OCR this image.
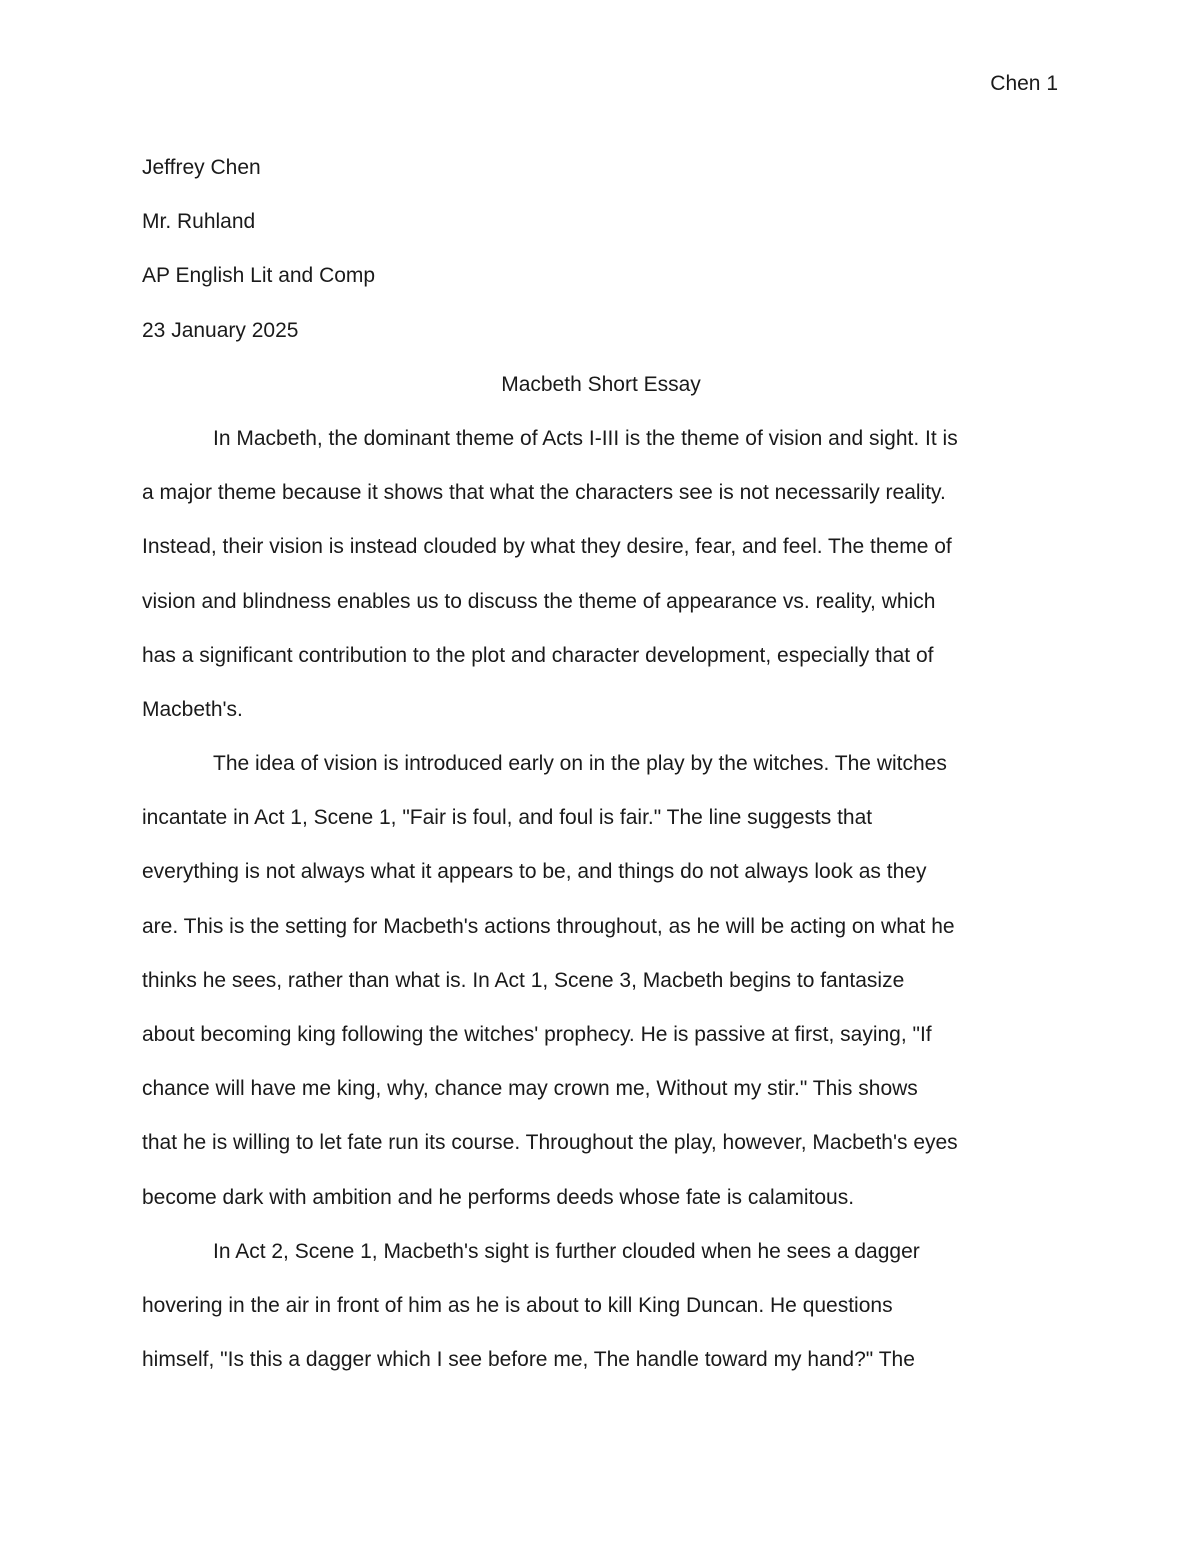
Chen 1
Jeffrey Chen
Mr. Ruhland
AP English Lit and Comp
23 January 2025
Macbeth Short Essay
In Macbeth, the dominant theme of Acts I-III is the theme of vision and sight. It is
a major theme because it shows that what the characters see is not necessarily reality.
Instead, their vision is instead clouded by what they desire, fear, and feel. The theme of
vision and blindness enables us to discuss the theme of appearance vs. reality, which
has a significant contribution to the plot and character development, especially that of
Macbeth's.
The idea of vision is introduced early on in the play by the witches. The witches
incantate in Act 1, Scene 1, "Fair is foul, and foul is fair." The line suggests that
everything is not always what it appears to be, and things do not always look as they
are. This is the setting for Macbeth's actions throughout, as he will be acting on what he
thinks he sees, rather than what is. In Act 1, Scene 3, Macbeth begins to fantasize
about becoming king following the witches' prophecy. He is passive at first, saying, "If
chance will have me king, why, chance may crown me, Without my stir." This shows
that he is willing to let fate run its course. Throughout the play, however, Macbeth's eyes
become dark with ambition and he performs deeds whose fate is calamitous.
In Act 2, Scene 1, Macbeth's sight is further clouded when he sees a dagger
hovering in the air in front of him as he is about to kill King Duncan. He questions
himself, "Is this a dagger which I see before me, The handle toward my hand?" The
